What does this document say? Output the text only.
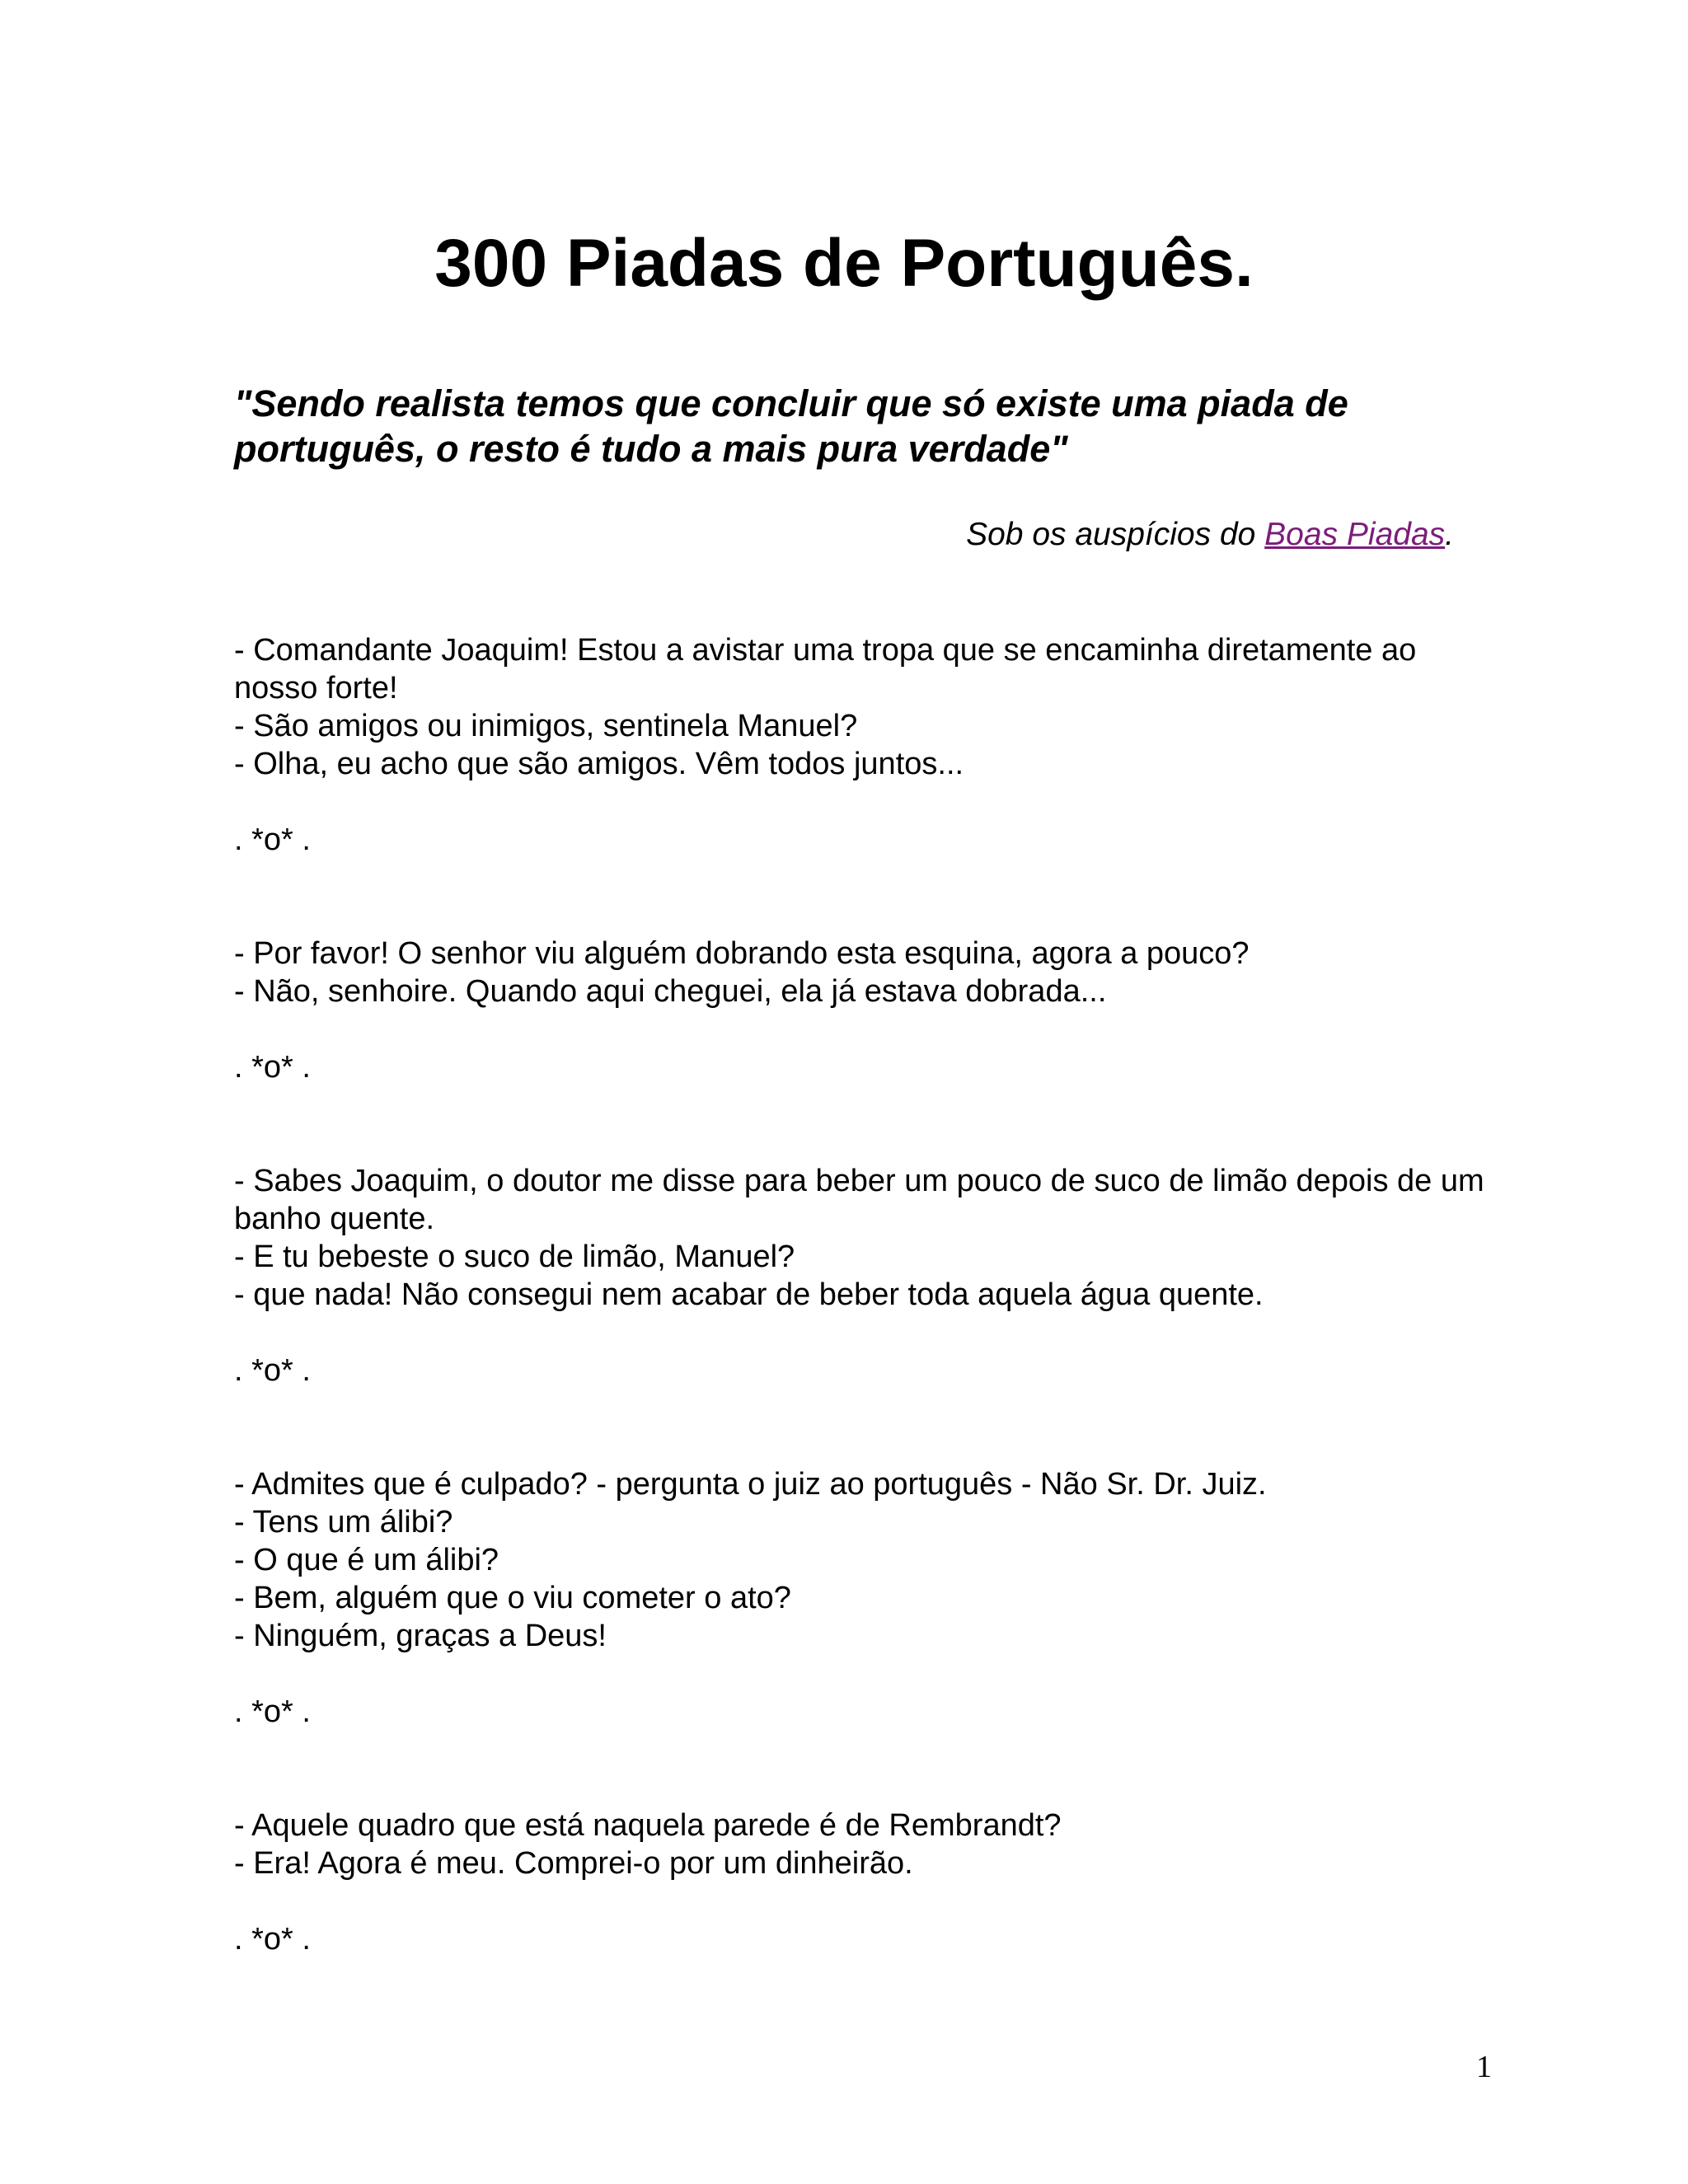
300 Piadas de Português.

"Sendo realista temos que concluir que só existe uma piada de português, o resto é tudo a mais pura verdade"

Sob os auspícios do Boas Piadas.

- Comandante Joaquim! Estou a avistar uma tropa que se encaminha diretamente ao nosso forte!
- São amigos ou inimigos, sentinela Manuel?
- Olha, eu acho que são amigos. Vêm todos juntos...
. *o* .
- Por favor! O senhor viu alguém dobrando esta esquina, agora a pouco?
- Não, senhoire. Quando aqui cheguei, ela já estava dobrada...
. *o* .
- Sabes Joaquim, o doutor me disse para beber um pouco de suco de limão depois de um banho quente.
- E tu bebeste o suco de limão, Manuel?
- que nada! Não consegui nem acabar de beber toda aquela água quente.
. *o* .
- Admites que é culpado? - pergunta o juiz ao português - Não Sr. Dr. Juiz.
- Tens um álibi?
- O que é um álibi?
- Bem, alguém que o viu cometer o ato?
- Ninguém, graças a Deus!
. *o* .
- Aquele quadro que está naquela parede é de Rembrandt?
- Era! Agora é meu. Comprei-o por um dinheirão.
. *o* .
1
